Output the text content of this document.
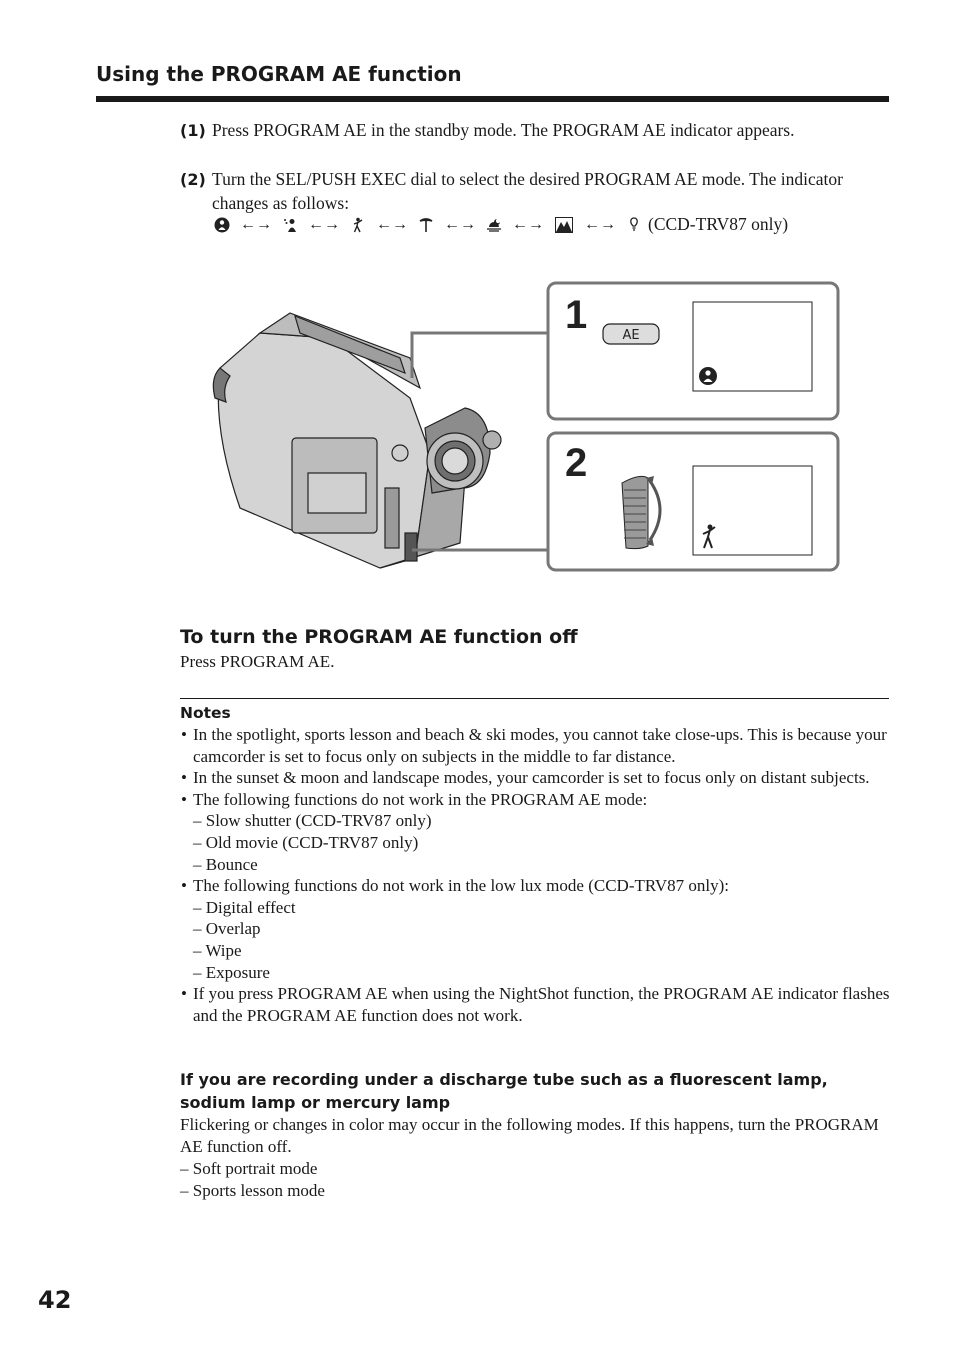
Using the PROGRAM AE function
(1) Press PROGRAM AE in the standby mode. The PROGRAM AE indicator appears.
(2) Turn the SEL/PUSH EXEC dial to select the desired PROGRAM AE mode. The indicator changes as follows:
←→ ←→ ←→ ←→ ←→	←→ (CCD-TRV87 only)
1	AE
2
To turn the PROGRAM AE function off
Press PROGRAM AE.
Notes
• In the spotlight, sports lesson and beach & ski modes, you cannot take close-ups. This is because your camcorder is set to focus only on subjects in the middle to far distance.
• In the sunset & moon and landscape modes, your camcorder is set to focus only on distant subjects.
• The following functions do not work in the PROGRAM AE mode:
– Slow shutter (CCD-TRV87 only)
– Old movie (CCD-TRV87 only)
– Bounce
• The following functions do not work in the low lux mode (CCD-TRV87 only):
– Digital effect
– Overlap
– Wipe
– Exposure
• If you press PROGRAM AE when using the NightShot function, the PROGRAM AE indicator flashes and the PROGRAM AE function does not work.
If you are recording under a discharge tube such as a fluorescent lamp, sodium lamp or mercury lamp
Flickering or changes in color may occur in the following modes. If this happens, turn the PROGRAM AE function off.
– Soft portrait mode
– Sports lesson mode
42
